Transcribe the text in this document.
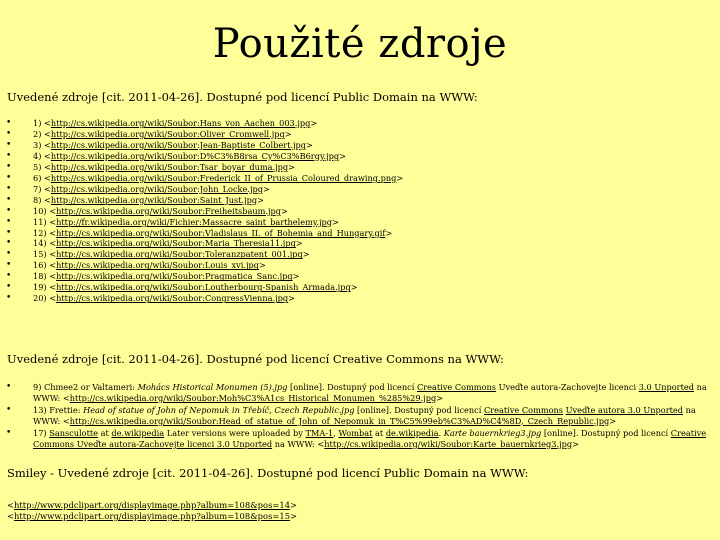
Použité zdroje
Uvedené zdroje [cit. 2011-04-26]. Dostupné pod licencí Public Domain na WWW:
• 1) <http://cs.wikipedia.org/wiki/Soubor:Hans_von_Aachen_003.jpg>
• 2) <http://cs.wikipedia.org/wiki/Soubor:Oliver_Cromwell.jpg>
• 3) <http://cs.wikipedia.org/wiki/Soubor:Jean-Baptiste_Colbert.jpg>
• 4) <http://cs.wikipedia.org/wiki/Soubor:D%C3%B8rsa_Cy%C3%B6rgy.jpg>
• 5) <http://cs.wikipedia.org/wiki/Soubor:Tsar_boyar_duma.jpg>
• 6) <http://cs.wikipedia.org/wiki/Soubor:Frederick_II_of_Prussia_Coloured_drawing.png>
• 7) <http://cs.wikipedia.org/wiki/Soubor:John_Locke.jpg>
• 8) <http://cs.wikipedia.org/wiki/Soubor:Saint_Just.jpg>
• 10) <http://cs.wikipedia.org/wiki/Soubor:Freiheitsbaum.jpg>
• 11) <http://fr.wikipedia.org/wiki/Fichier:Massacre_saint_barthelemy.jpg>
• 12) <http://cs.wikipedia.org/wiki/Soubor:Vladislaus_II._of_Bohemia_and_Hungary.gif>
• 14) <http://cs.wikipedia.org/wiki/Soubor:Maria_Theresia11.jpg>
• 15) <http://cs.wikipedia.org/wiki/Soubor:Toleranzpatent_001.jpg>
• 16) <http://cs.wikipedia.org/wiki/Soubor:Louis_xvi.jpg>
• 18) <http://cs.wikipedia.org/wiki/Soubor:Pragmatica_Sanc.jpg>
• 19) <http://cs.wikipedia.org/wiki/Soubor:Loutherbourg-Spanish_Armada.jpg>
• 20) <http://cs.wikipedia.org/wiki/Soubor:CongressVienna.jpg>
Uvedené zdroje [cit. 2011-04-26]. Dostupné pod licencí Creative Commons na WWW:
• 9) Chmee2 or Valtameri: Mohács Historical Monumen (5).jpg [online]. Dostupný pod licencí Creative Commons Uveďte autora-Zachovejte licenci 3.0 Unported na WWW: <http://cs.wikipedia.org/wiki/Soubor:Moh%C3%A1cs_Historical_Monumen_%285%29.jpg>
• 13) Frettie: Head of statue of John of Nepomuk in Třebíč, Czech Republic.jpg [online]. Dostupný pod licencí Creative Commons Uveďte autora 3.0 Unported na WWW: <http://cs.wikipedia.org/wiki/Soubor:Head_of_statue_of_John_of_Nepomuk_in_T%C5%99eb%C3%AD%C4%8D,_Czech_Republic.jpg>
• 17) Sansculotte at de.wikipedia Later versions were uploaded by TMA-1, Wombat at de.wikipedia. Karte bauernkrieg3.jpg [online]. Dostupný pod licencí Creative Commons Uveďte autora-Zachovejte licenci 3.0 Unported na WWW: <http://cs.wikipedia.org/wiki/Soubor:Karte_bauernkrieg3.jpg>
Smiley - Uvedené zdroje [cit. 2011-04-26]. Dostupné pod licencí Public Domain na WWW:
<http://www.pdclipart.org/displayimage.php?album=108&pos=14>
<http://www.pdclipart.org/displayimage.php?album=108&pos=15>
